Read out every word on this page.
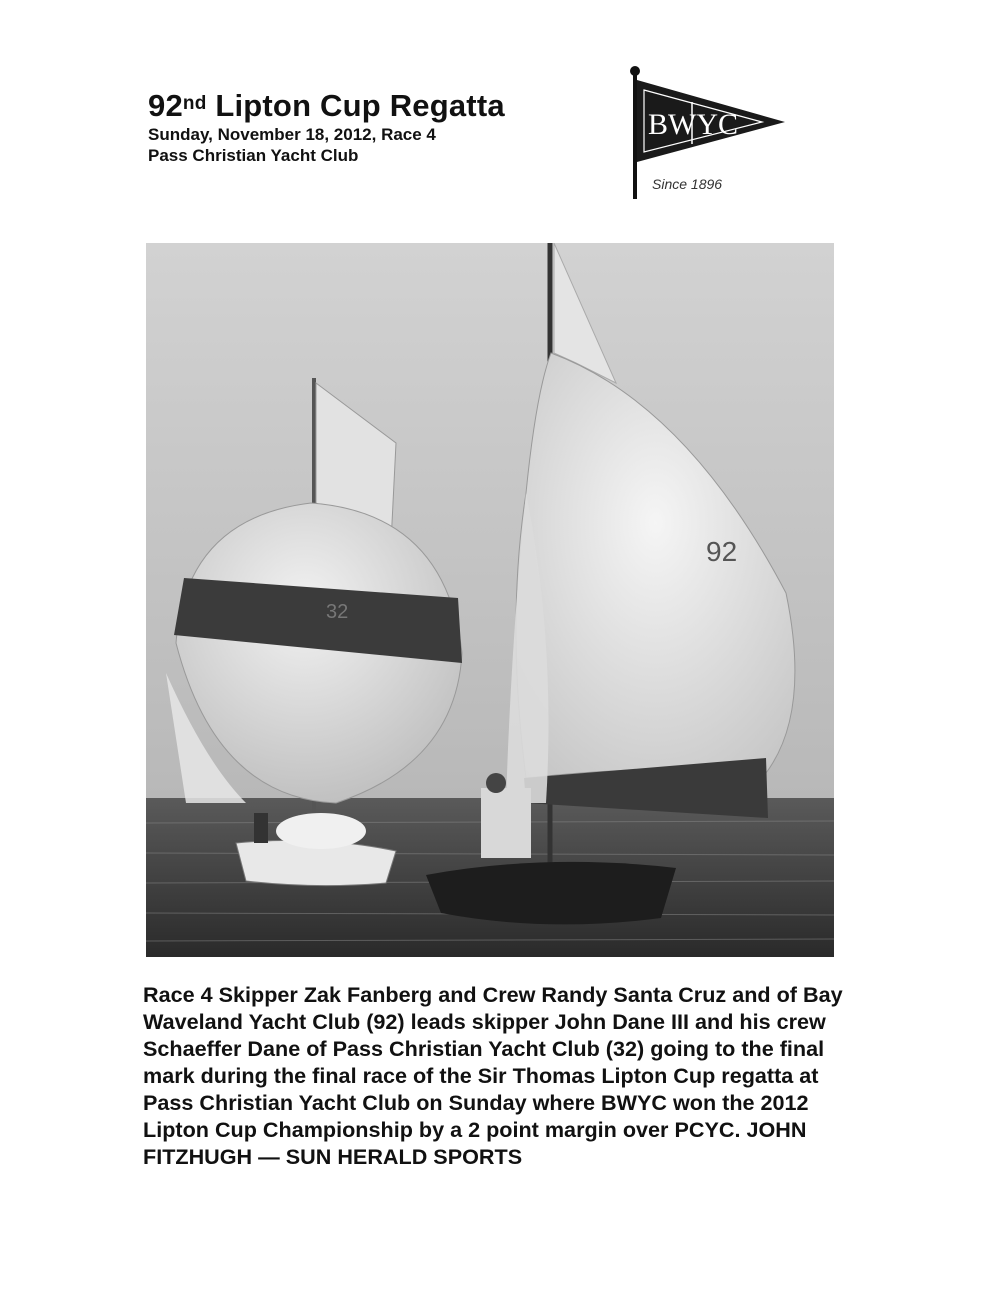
92nd Lipton Cup Regatta

Sunday, November 18, 2012, Race 4

Pass Christian Yacht Club

BWYC
Since 1896
32
92

Race 4 Skipper Zak Fanberg and Crew Randy Santa Cruz and of Bay Waveland Yacht Club (92) leads skipper John Dane III and his crew Schaeffer Dane of Pass Christian Yacht Club (32) going to the final mark during the final race of the Sir Thomas Lipton Cup regatta at Pass Christian Yacht Club on Sunday where BWYC won the 2012 Lipton Cup Championship by a 2 point margin over PCYC. JOHN FITZHUGH — SUN HERALD SPORTS
